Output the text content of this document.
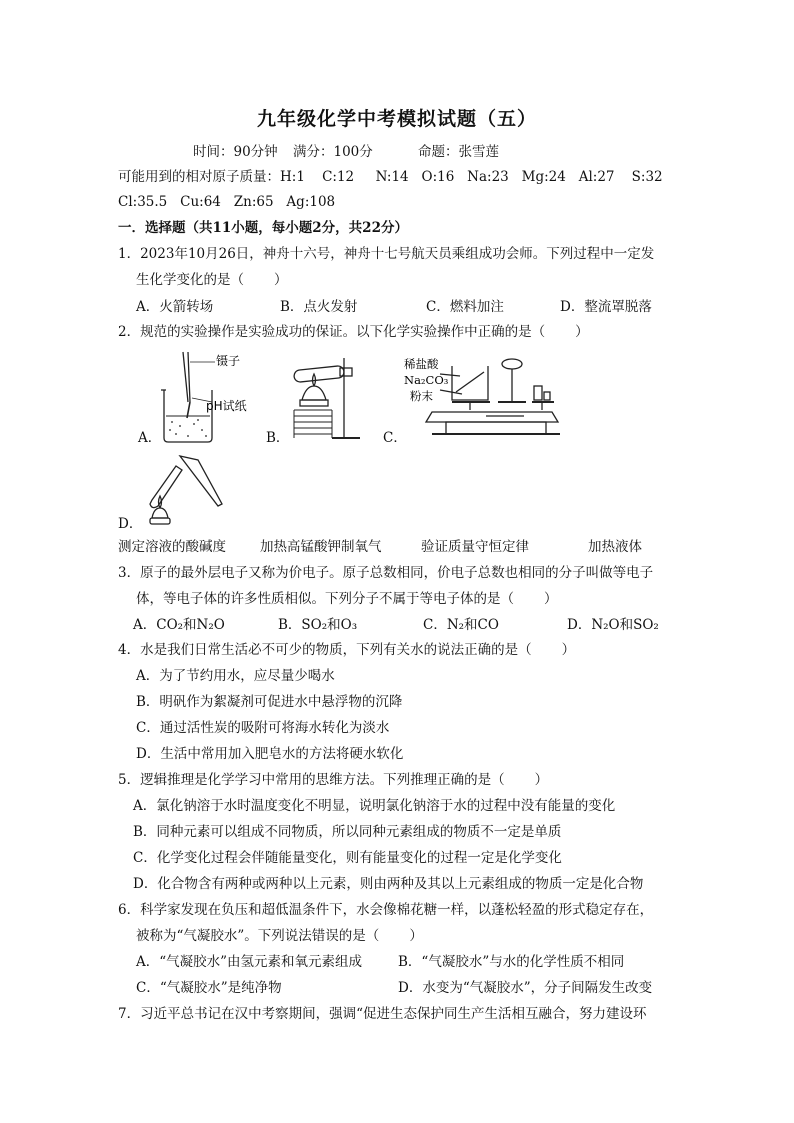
九年级化学中考模拟试题（五）
时间：90分钟 满分：100分	命题：张雪莲
可能用到的相对原子质量：H:1    C:12     N:14   O:16   Na:23   Mg:24   Al:27    S:32
Cl:35.5   Cu:64   Zn:65   Ag:108
一．选择题（共11小题，每小题2分，共22分）
1．2023年10月26日，神舟十六号，神舟十七号航天员乘组成功会师。下列过程中一定发
生化学变化的是（       ）
A．火箭转场	B．点火发射	C．燃料加注	D．整流罩脱落
2．规范的实验操作是实验成功的保证。以下化学实验操作中正确的是（       ）
镊子
pH试纸
A．	B．
稀盐酸
Na₂CO₃
粉末
C．
D．
测定溶液的酸碱度	加热高锰酸钾制氧气	验证质量守恒定律	加热液体
3．原子的最外层电子又称为价电子。原子总数相同，价电子总数也相同的分子叫做等电子
体，等电子体的许多性质相似。下列分子不属于等电子体的是（       ）
A．CO₂和N₂O	B．SO₂和O₃	C．N₂和CO	D．N₂O和SO₂
4．水是我们日常生活必不可少的物质，下列有关水的说法正确的是（       ）
A．为了节约用水，应尽量少喝水
B．明矾作为絮凝剂可促进水中悬浮物的沉降
C．通过活性炭的吸附可将海水转化为淡水
D．生活中常用加入肥皂水的方法将硬水软化
5．逻辑推理是化学学习中常用的思维方法。下列推理正确的是（       ）
A．氯化钠溶于水时温度变化不明显，说明氯化钠溶于水的过程中没有能量的变化
B．同种元素可以组成不同物质，所以同种元素组成的物质不一定是单质
C．化学变化过程会伴随能量变化，则有能量变化的过程一定是化学变化
D．化合物含有两种或两种以上元素，则由两种及其以上元素组成的物质一定是化合物
6．科学家发现在负压和超低温条件下，水会像棉花糖一样，以蓬松轻盈的形式稳定存在，
被称为“气凝胶水”。下列说法错误的是（       ）
A．“气凝胶水”由氢元素和氧元素组成	B．“气凝胶水”与水的化学性质不相同
C．“气凝胶水”是纯净物	D．水变为“气凝胶水”，分子间隔发生改变
7．习近平总书记在汉中考察期间，强调“促进生态保护同生产生活相互融合，努力建设环
